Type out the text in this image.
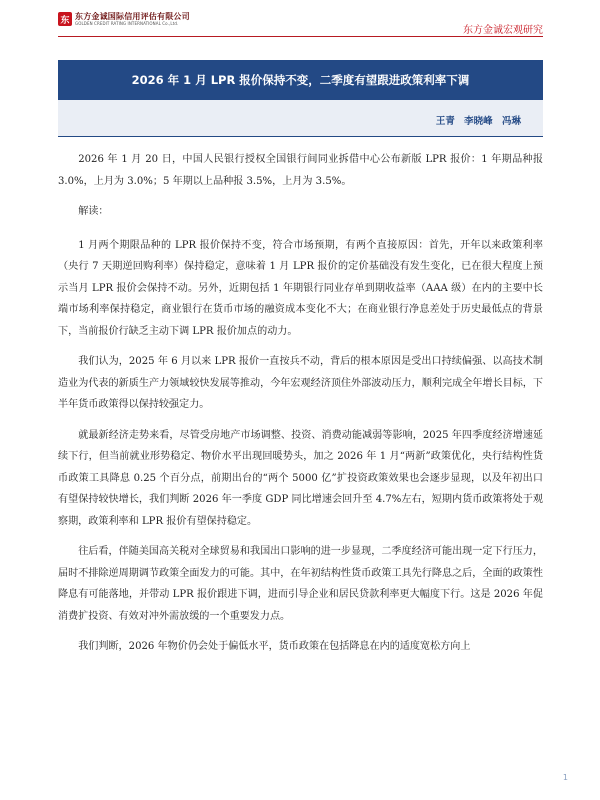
东 东方金诚国际信用评估有限公司
GOLDEN CREDIT RATING INTERNATIONAL Co.,Ltd.
东方金诚宏观研究
2026 年 1 月 LPR 报价保持不变，二季度有望跟进政策利率下调
王青 李晓峰 冯琳

2026 年 1 月 20 日，中国人民银行授权全国银行间同业拆借中心公布新版 LPR 报价：1 年期品种报 3.0%，上月为 3.0%；5 年期以上品种报 3.5%，上月为 3.5%。

解读：

1 月两个期限品种的 LPR 报价保持不变，符合市场预期，有两个直接原因：首先，开年以来政策利率（央行 7 天期逆回购利率）保持稳定，意味着 1 月 LPR 报价的定价基础没有发生变化，已在很大程度上预示当月 LPR 报价会保持不动。另外，近期包括 1 年期银行同业存单到期收益率（AAA 级）在内的主要中长端市场利率保持稳定，商业银行在货币市场的融资成本变化不大；在商业银行净息差处于历史最低点的背景下，当前报价行缺乏主动下调 LPR 报价加点的动力。

我们认为，2025 年 6 月以来 LPR 报价一直按兵不动，背后的根本原因是受出口持续偏强、以高技术制造业为代表的新质生产力领域较快发展等推动，今年宏观经济顶住外部波动压力，顺利完成全年增长目标，下半年货币政策得以保持较强定力。

就最新经济走势来看，尽管受房地产市场调整、投资、消费动能减弱等影响，2025 年四季度经济增速延续下行，但当前就业形势稳定、物价水平出现回暖势头，加之 2026 年 1 月“两新”政策优化，央行结构性货币政策工具降息 0.25 个百分点，前期出台的“两个 5000 亿”扩投资政策效果也会逐步显现，以及年初出口有望保持较快增长，我们判断 2026 年一季度 GDP 同比增速会回升至 4.7%左右，短期内货币政策将处于观察期，政策利率和 LPR 报价有望保持稳定。

往后看，伴随美国高关税对全球贸易和我国出口影响的进一步显现，二季度经济可能出现一定下行压力，届时不排除逆周期调节政策全面发力的可能。其中，在年初结构性货币政策工具先行降息之后，全面的政策性降息有可能落地，并带动 LPR 报价跟进下调，进而引导企业和居民贷款利率更大幅度下行。这是 2026 年促消费扩投资、有效对冲外需放缓的一个重要发力点。

我们判断，2026 年物价仍会处于偏低水平，货币政策在包括降息在内的适度宽松方向上

1
